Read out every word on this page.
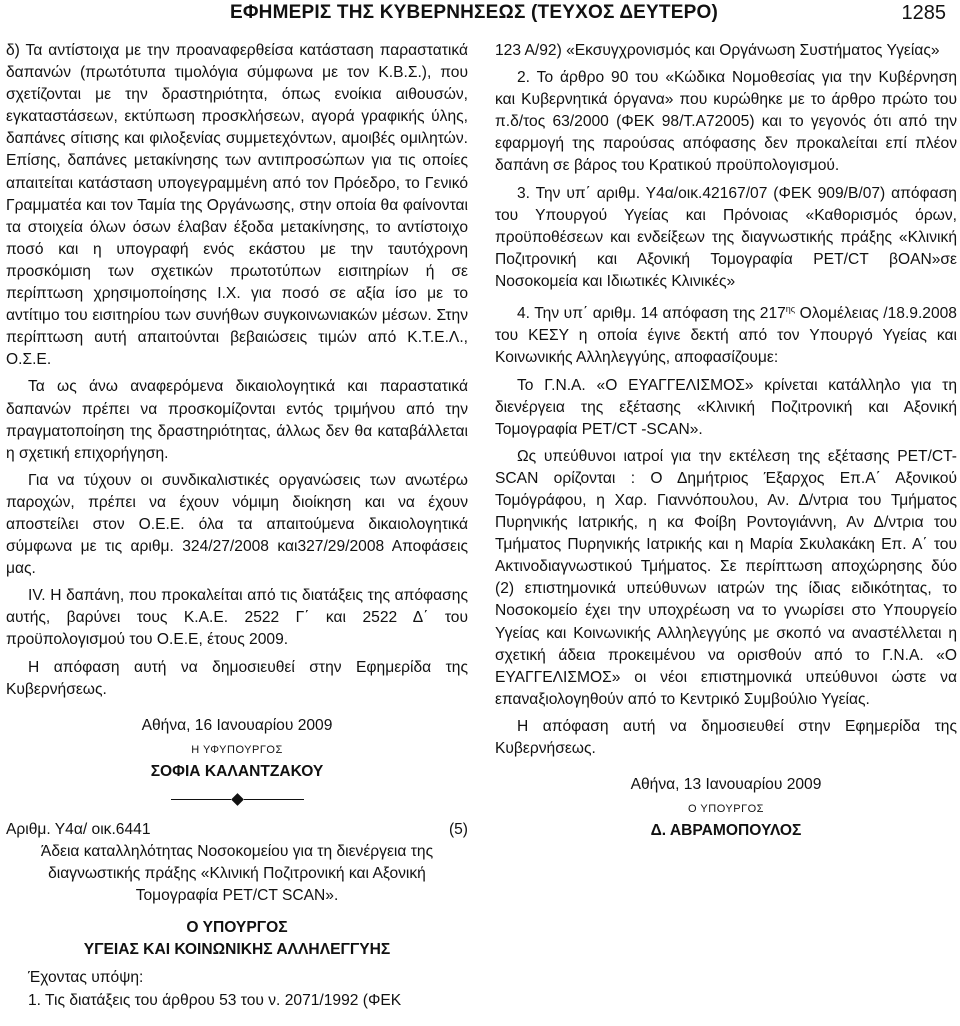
ΕΦΗΜΕΡΙΣ ΤΗΣ ΚΥΒΕΡΝΗΣΕΩΣ (ΤΕΥΧΟΣ ΔΕΥΤΕΡΟ)	1285

δ) Τα αντίστοιχα με την προαναφερθείσα κατάσταση παραστατικά δαπανών (πρωτότυπα τιμολόγια σύμφωνα με τον Κ.Β.Σ.), που σχετίζονται με την δραστηριότητα, όπως ενοίκια αιθουσών, εγκαταστάσεων, εκτύπωση προσκλήσεων, αγορά γραφικής ύλης, δαπάνες σίτισης και φιλοξενίας συμμετεχόντων, αμοιβές ομιλητών. Επίσης, δαπάνες μετακίνησης των αντιπροσώπων για τις οποίες απαιτείται κατάσταση υπογεγραμμένη από τον Πρόεδρο, το Γενικό Γραμματέα και τον Ταμία της Οργάνωσης, στην οποία θα φαίνονται τα στοιχεία όλων όσων έλαβαν έξοδα μετακίνησης, το αντίστοιχο ποσό και η υπογραφή ενός εκάστου με την ταυτόχρονη προσκόμιση των σχετικών πρωτοτύπων εισιτηρίων ή σε περίπτωση χρησιμοποίησης Ι.Χ. για ποσό σε αξία ίσο με το αντίτιμο του εισιτηρίου των συνήθων συγκοινωνιακών μέσων. Στην περίπτωση αυτή απαιτούνται βεβαιώσεις τιμών από Κ.Τ.Ε.Λ., Ο.Σ.Ε.

Τα ως άνω αναφερόμενα δικαιολογητικά και παραστατικά δαπανών πρέπει να προσκομίζονται εντός τριμήνου από την πραγματοποίηση της δραστηριότητας, άλλως δεν θα καταβάλλεται η σχετική επιχορήγηση.

Για να τύχουν οι συνδικαλιστικές οργανώσεις των ανωτέρω παροχών, πρέπει να έχουν νόμιμη διοίκηση και να έχουν αποστείλει στον Ο.Ε.Ε. όλα τα απαιτούμενα δικαιολογητικά σύμφωνα με τις αριθμ. 324/27/2008 και327/29/2008 Αποφάσεις μας.

IV. Η δαπάνη, που προκαλείται από τις διατάξεις της απόφασης αυτής, βαρύνει τους Κ.Α.Ε. 2522 Γ΄ και 2522 Δ΄ του προϋπολογισμού του Ο.Ε.Ε, έτους 2009.

Η απόφαση αυτή να δημοσιευθεί στην Εφημερίδα της Κυβερνήσεως.

Αθήνα, 16 Ιανουαρίου 2009

Η ΥΦΥΠΟΥΡΓΟΣ

ΣΟΦΙΑ ΚΑΛΑΝΤΖΑΚΟΥ

Αριθμ. Υ4α/ οικ.6441	(5)

Άδεια καταλληλότητας Νοσοκομείου για τη διενέργεια της διαγνωστικής πράξης «Κλινική Ποζιτρονική και Αξονική Τομογραφία PET/CT SCAN».

Ο ΥΠΟΥΡΓΟΣ

ΥΓΕΙΑΣ ΚΑΙ ΚΟΙΝΩΝΙΚΗΣ ΑΛΛΗΛΕΓΓΥΗΣ

Έχοντας υπόψη:

1. Τις διατάξεις του άρθρου 53 του ν. 2071/1992 (ΦΕΚ

123 Α/92) «Εκσυγχρονισμός και Οργάνωση Συστήματος Υγείας»

2. Το άρθρο 90 του «Κώδικα Νομοθεσίας για την Κυβέρνηση και Κυβερνητικά όργανα» που κυρώθηκε με το άρθρο πρώτο του π.δ/τος 63/2000 (ΦΕΚ 98/Τ.Α72005) και το γεγονός ότι από την εφαρμογή της παρούσας απόφασης δεν προκαλείται επί πλέον δαπάνη σε βάρος του Κρατικού προϋπολογισμού.

3. Την υπ΄ αριθμ. Υ4α/οικ.42167/07 (ΦΕΚ 909/Β/07) απόφαση του Υπουργού Υγείας και Πρόνοιας «Καθορισμός όρων, προϋποθέσεων και ενδείξεων της διαγνωστικής πράξης «Κλινική Ποζιτρονική και Αξονική Τομογραφία PET/CT βOAN»σε Νοσοκομεία και Ιδιωτικές Κλινικές»

4. Την υπ΄ αριθμ. 14 απόφαση της $217^{\eta\varsigma}$ Ολομέλειας /18.9.2008 του ΚΕΣΥ η οποία έγινε δεκτή από τον Υπουργό Υγείας και Κοινωνικής Αλληλεγγύης, αποφασίζουμε:

Το Γ.Ν.Α. «Ο ΕΥΑΓΓΕΛΙΣΜΟΣ» κρίνεται κατάλληλο για τη διενέργεια της εξέτασης «Κλινική Ποζιτρονική και Αξονική Τομογραφία PET/CT -SCAN».

Ως υπεύθυνοι ιατροί για την εκτέλεση της εξέτασης PET/CT-SCAN ορίζονται : Ο Δημήτριος Έξαρχος Επ.Α΄ Αξονικού Τομόγράφου, η Χαρ. Γιαννόπουλου, Αν. Δ/ντρια του Τμήματος Πυρηνικής Ιατρικής, η κα Φοίβη Ροντογιάννη, Αν Δ/ντρια του Τμήματος Πυρηνικής Ιατρικής και η Μαρία Σκυλακάκη Επ. Α΄ του Ακτινοδιαγνωστικού Τμήματος. Σε περίπτωση αποχώρησης δύο (2) επιστημονικά υπεύθυνων ιατρών της ίδιας ειδικότητας, το Νοσοκομείο έχει την υποχρέωση να το γνωρίσει στο Υπουργείο Υγείας και Κοινωνικής Αλληλεγγύης με σκοπό να αναστέλλεται η σχετική άδεια προκειμένου να ορισθούν από το Γ.Ν.Α. «Ο ΕΥΑΓΓΕΛΙΣΜΟΣ» οι νέοι επιστημονικά υπεύθυνοι ώστε να επαναξιολογηθούν από το Κεντρικό Συμβούλιο Υγείας.

Η απόφαση αυτή να δημοσιευθεί στην Εφημερίδα της Κυβερνήσεως.

Αθήνα, 13 Ιανουαρίου 2009

Ο ΥΠΟΥΡΓΟΣ

Δ. ΑΒΡΑΜΟΠΟΥΛΟΣ
